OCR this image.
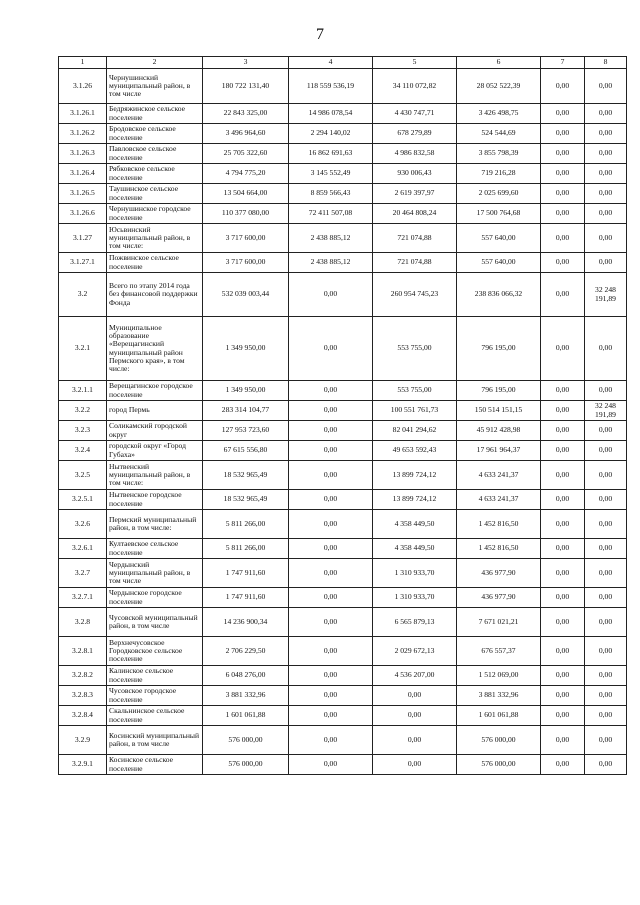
7
1	2	3	4	5	6	7	8
3.1.26	Чернушинский муниципальный район, в том числе	180 722 131,40	118 559 536,19	34 110 072,82	28 052 522,39	0,00	0,00
3.1.26.1	Бедряжинское сельское поселение	22 843 325,00	14 986 078,54	4 430 747,71	3 426 498,75	0,00	0,00
3.1.26.2	Бродовское сельское поселение	3 496 964,60	2 294 140,02	678 279,89	524 544,69	0,00	0,00
3.1.26.3	Павловское сельское поселение	25 705 322,60	16 862 691,63	4 986 832,58	3 855 798,39	0,00	0,00
3.1.26.4	Рябковское сельское поселение	4 794 775,20	3 145 552,49	930 006,43	719 216,28	0,00	0,00
3.1.26.5	Таушинское сельское поселение	13 504 664,00	8 859 566,43	2 619 397,97	2 025 699,60	0,00	0,00
3.1.26.6	Чернушинское городское поселение	110 377 080,00	72 411 507,08	20 464 808,24	17 500 764,68	0,00	0,00
3.1.27	Юсьвинский муниципальный район, в том числе:	3 717 600,00	2 438 885,12	721 074,88	557 640,00	0,00	0,00
3.1.27.1	Пожвинское сельское поселение	3 717 600,00	2 438 885,12	721 074,88	557 640,00	0,00	0,00
3.2	Всего по этапу 2014 года без финансовой поддержки Фонда	532 039 003,44	0,00	260 954 745,23	238 836 066,32	0,00	32 248 191,89
3.2.1	Муниципальное образование «Верещагинский муниципальный район Пермского края», в том числе:	1 349 950,00	0,00	553 755,00	796 195,00	0,00	0,00
3.2.1.1	Верещагинское городское поселение	1 349 950,00	0,00	553 755,00	796 195,00	0,00	0,00
3.2.2	город Пермь	283 314 104,77	0,00	100 551 761,73	150 514 151,15	0,00	32 248 191,89
3.2.3	Соликамский городской округ	127 953 723,60	0,00	82 041 294,62	45 912 428,98	0,00	0,00
3.2.4	городской округ «Город Губаха»	67 615 556,80	0,00	49 653 592,43	17 961 964,37	0,00	0,00
3.2.5	Нытвенский муниципальный район, в том числе:	18 532 965,49	0,00	13 899 724,12	4 633 241,37	0,00	0,00
3.2.5.1	Нытвенское городское поселение	18 532 965,49	0,00	13 899 724,12	4 633 241,37	0,00	0,00
3.2.6	Пермский муниципальный район, в том числе:	5 811 266,00	0,00	4 358 449,50	1 452 816,50	0,00	0,00
3.2.6.1	Култаевское сельское поселение	5 811 266,00	0,00	4 358 449,50	1 452 816,50	0,00	0,00
3.2.7	Чердынский муниципальный район, в том числе	1 747 911,60	0,00	1 310 933,70	436 977,90	0,00	0,00
3.2.7.1	Чердынское городское поселение	1 747 911,60	0,00	1 310 933,70	436 977,90	0,00	0,00
3.2.8	Чусовской муниципальный район, в том числе	14 236 900,34	0,00	6 565 879,13	7 671 021,21	0,00	0,00
3.2.8.1	Верхнечусовское Городковское сельское поселение	2 706 229,50	0,00	2 029 672,13	676 557,37	0,00	0,00
3.2.8.2	Калинское сельское поселение	6 048 276,00	0,00	4 536 207,00	1 512 069,00	0,00	0,00
3.2.8.3	Чусовское городское поселение	3 881 332,96	0,00	0,00	3 881 332,96	0,00	0,00
3.2.8.4	Скальнинское сельское поселение	1 601 061,88	0,00	0,00	1 601 061,88	0,00	0,00
3.2.9	Косинский муниципальный район, в том числе	576 000,00	0,00	0,00	576 000,00	0,00	0,00
3.2.9.1	Косинское сельское поселение	576 000,00	0,00	0,00	576 000,00	0,00	0,00
